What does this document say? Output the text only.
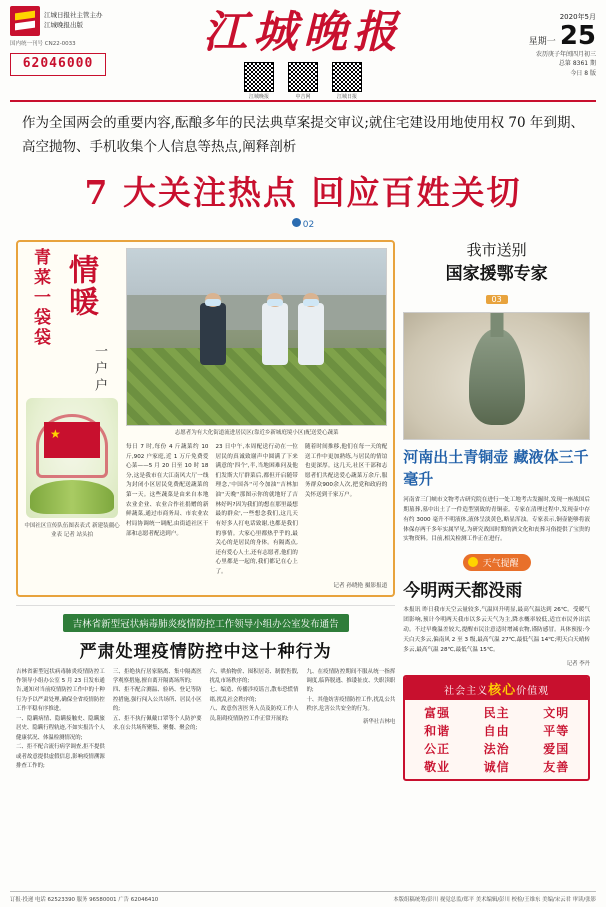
江城日报社主管主办
江城晚报出版
国内统一刊号 CN22-0033
62046000
江城晚报
江城晚报	中吉网	江城日报
2020年5月
星期一 25
农历庚子年闰四月初三
总第 8361 期
今日 8 版
作为全国两会的重要内容,酝酿多年的民法典草案提交审议;就住宅建设用地使用权 70 年到期、高空抛物、手机收集个人信息等热点,阐释剖析
7 大关注热点 回应百姓关切
02
青菜一袋袋 情暖
一户户
★
中国社区宣传队伍图表表式 新建装疆心业表 记者 站头拍
志愿者为有大化街道流进居民区(靠近乡新城庭境小区)配送爱心蔬菜
每日 7 时,每份 4 斤蔬菜约 10 斤,902 户家庭,近 1 万斤免费爱心菜——5 月 20 日至 10 时 18 分,这是我市在大江南风大厅一线为封闭小区居民免费配送蔬菜的第一天。这些蔬菜是由来自本地农业企业、农业合作社捐赠的新鲜蔬菜,通过市商务局、市农业农村局协调统一调配,由街道社区干部和志愿者配送到户。
23 日中午,本周配送行动在一位居民的真诚致谢声中圆满了下来满意的'四个',半,当地困难问及他们发斯大厅群菜后,都但开启随带理念,'中国各''可今加油''吉林加油''天晚''那图示你的就地好了吉林好吗?因为我们的想在那里最想最的群众',一些想念我们,这几天有好多人打电话致谢,也都是我们的事情。大家心里都热乎乎的,最关心的是居民的身体。有隔离点,还有爱心人士,还有志愿者,他们的心里都是一起的,我们都记在心上了。
随着时间推移,他们在每一天的配送工作中更加熟练,与居民的情谊也更深厚。这几天,社区干部和志愿者们共配送爱心蔬菜万余斤,服务群众900余人次,把党和政府的关怀送到千家万户。
记者 孙晓艳 摄影报道
吉林省新型冠状病毒肺炎疫情防控工作领导小组办公室发布通告
严肃处理疫情防控中这十种行为
吉林省新型冠状病毒肺炎疫情防控工作领导小组办公室 5 月 23 日发布通告,通知对当前疫情防控工作中的十种行为予以严肃处理,确保全省疫情防控工作平稳有序推进。
一、隐瞒病情、隐瞒接触史、隐瞒旅居史、隐瞒行程轨迹,不如实报告个人健康状况、体温检测情况的;
二、拒不配合流行病学调查,拒不提供或者故意提供虚假信息,影响疫情溯源排查工作的;
三、拒绝执行居家隔离、集中隔离医学观察措施,擅自离开隔离场所的;
四、拒不配合测温、验码、登记等防控措施,强行闯入公共场所、居民小区的;
五、拒不执行佩戴口罩等个人防护要求,在公共场所聚集、聚餐、聚会的;
六、哄抬物价、囤积居奇、制假售假,扰乱市场秩序的;
七、编造、传播涉疫谣言,散布恐慌情绪,扰乱社会秩序的;
八、故意伤害医务人员及防疫工作人员,阻碍疫情防控工作正常开展的;
九、在疫情防控期间不服从统一指挥调度,临阵脱逃、推诿扯皮、失职渎职的;
十、其他妨害疫情防控工作,扰乱公共秩序,危害公共安全的行为。
新华社吉林电
我市送别
国家援鄂专家
03
河南出土青铜壶 藏液体三千毫升
河南省三门峡市文物考古研究院在进行一处工地考古发掘时,发现一座战国后期墓葬,墓中出土了一件造型别致的青铜壶。专家在清理过程中,发现壶中存有约 3000 毫升不明液体,液体呈淡黄色,略显浑浊。专家表示,铜壶能够将液体保存两千多年实属罕见,为研究战国时期的酒文化和丧葬习俗提供了宝贵的实物资料。目前,相关检测工作正在进行。
天气提醒
今明两天都没雨
本报讯 昨日我市天空云量较多,气温回升明显,最高气温达到 26℃。受暖气团影响,预计今明两天我市以多云天气为主,降水概率较低,适宜市民外出活动。不过早晚温差较大,提醒市民注意适时增减衣物,谨防感冒。具体预报:今天白天多云,偏南风 2 至 3 级,最高气温 27℃,最低气温 14℃;明天白天晴转多云,最高气温 28℃,最低气温 15℃。
记者 李丹
社会主义核心价值观
富强	民主	文明
和谐	自由	平等
公正	法治	爱国
敬业	诚信	友善
订报·投递 电话 62523390 服务 96580001 广告 62046410	本版组稿统筹/彭川 视觉总监/郑平 美术编辑/彭川 校检/王维东 美编/宋云君 审读/张影
